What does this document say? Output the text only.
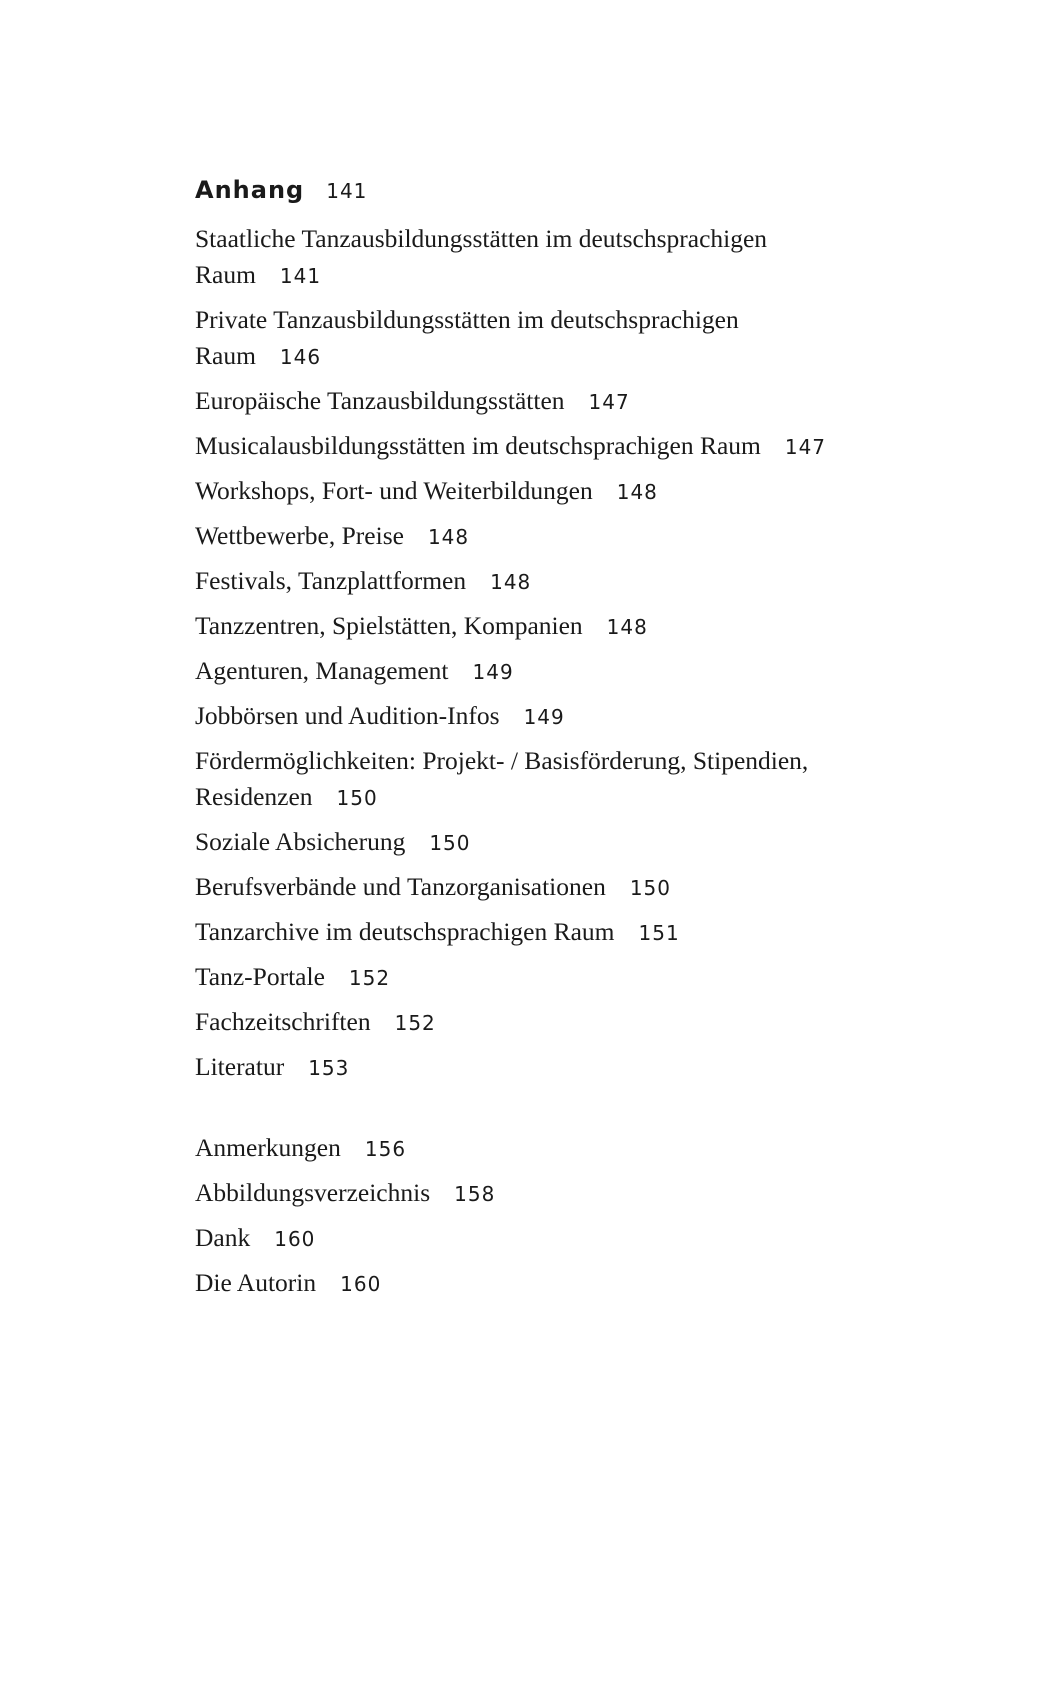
Anhang 141
Staatliche Tanzausbildungsstätten im deutschsprachigen Raum 141
Private Tanzausbildungsstätten im deutschsprachigen Raum 146
Europäische Tanzausbildungsstätten 147
Musicalausbildungsstätten im deutschsprachigen Raum 147
Workshops, Fort- und Weiterbildungen 148
Wettbewerbe, Preise 148
Festivals, Tanzplattformen 148
Tanzzentren, Spielstätten, Kompanien 148
Agenturen, Management 149
Jobbörsen und Audition-Infos 149
Fördermöglichkeiten: Projekt- / Basisförderung, Stipendien, Residenzen 150
Soziale Absicherung 150
Berufsverbände und Tanzorganisationen 150
Tanzarchive im deutschsprachigen Raum 151
Tanz-Portale 152
Fachzeitschriften 152
Literatur 153
Anmerkungen 156
Abbildungsverzeichnis 158
Dank 160
Die Autorin 160
